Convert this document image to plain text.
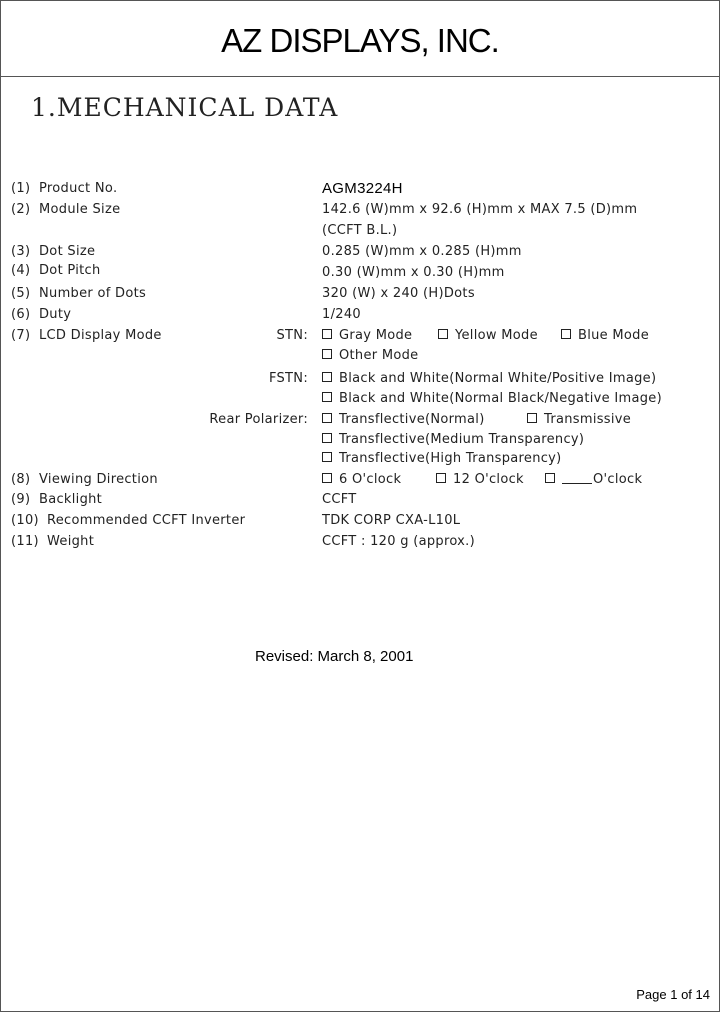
AZ DISPLAYS, INC.
1.MECHANICAL DATA
(1) Product No.	AGM3224H
(2) Module Size	142.6 (W)mm x 92.6 (H)mm x MAX 7.5 (D)mm
(CCFT B.L.)
(3) Dot Size	0.285 (W)mm x 0.285 (H)mm
(4) Dot Pitch	0.30 (W)mm x 0.30 (H)mm
(5) Number of Dots	320 (W) x 240 (H)Dots
(6) Duty	1/240
(7) LCD Display Mode	STN:	Gray Mode	Yellow Mode	Blue Mode
Other Mode
FSTN:	Black and White(Normal White/Positive Image)
Black and White(Normal Black/Negative Image)
Rear Polarizer:	Transflective(Normal)	Transmissive
Transflective(Medium Transparency)
Transflective(High Transparency)
(8) Viewing Direction	6 O'clock	12 O'clock	O'clock
(9) Backlight	CCFT
(10) Recommended CCFT Inverter	TDK CORP CXA-L10L
(11) Weight	CCFT : 120 g (approx.)
Revised: March 8, 2001
Page 1 of 14
